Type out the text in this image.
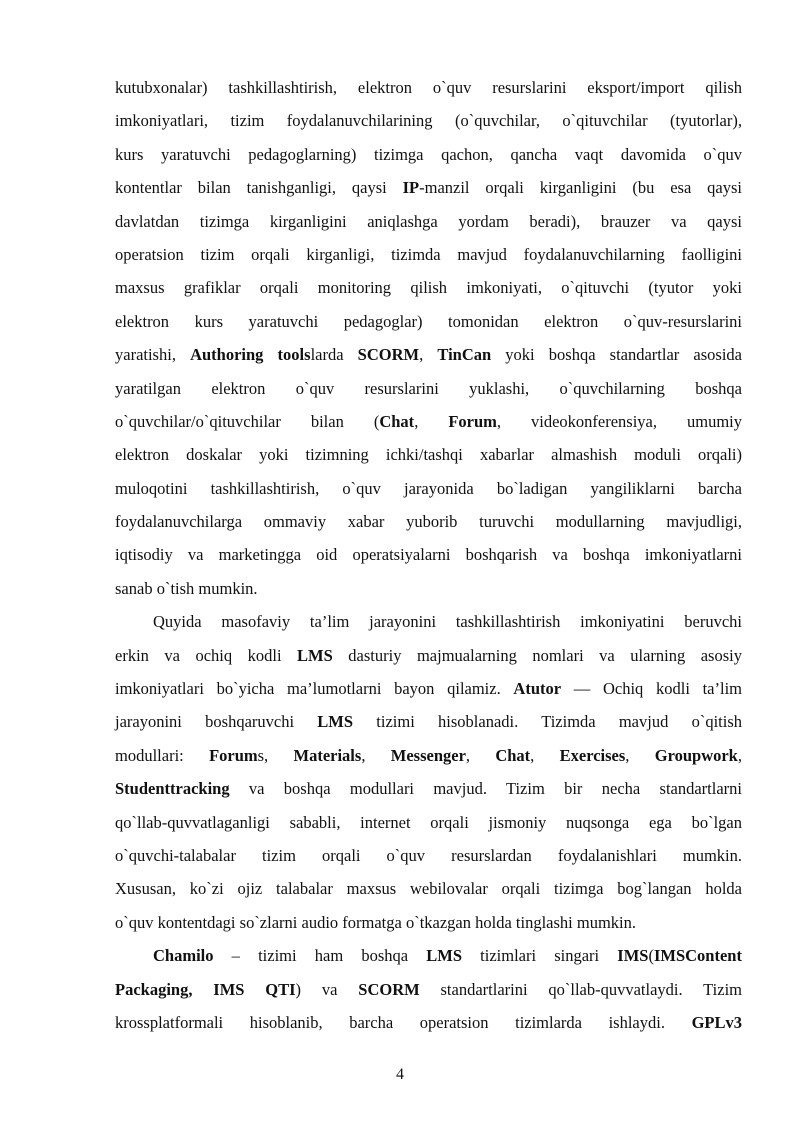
kutubxonalar) tashkillashtirish, elektron o`quv resurslarini eksport/import qilish
imkoniyatlari, tizim foydalanuvchilarining (o`quvchilar, o`qituvchilar (tyutorlar),
kurs yaratuvchi pedagoglarning) tizimga qachon, qancha vaqt davomida o`quv
kontentlar bilan tanishganligi, qaysi IP-manzil orqali kirganligini (bu esa qaysi
davlatdan tizimga kirganligini aniqlashga yordam beradi), brauzer va qaysi
operatsion tizim orqali kirganligi, tizimda mavjud foydalanuvchilarning faolligini
maxsus grafiklar orqali monitoring qilish imkoniyati, o`qituvchi (tyutor yoki
elektron kurs yaratuvchi pedagoglar) tomonidan elektron o`quv-resurslarini
yaratishi, Authoring toolslarda SCORM, TinCan yoki boshqa standartlar asosida
yaratilgan elektron o`quv resurslarini yuklashi, o`quvchilarning boshqa
o`quvchilar/o`qituvchilar bilan (Chat, Forum, videokonferensiya, umumiy
elektron doskalar yoki tizimning ichki/tashqi xabarlar almashish moduli orqali)
muloqotini tashkillashtirish, o`quv jarayonida bo`ladigan yangiliklarni barcha
foydalanuvchilarga ommaviy xabar yuborib turuvchi modullarning mavjudligi,
iqtisodiy va marketingga oid operatsiyalarni boshqarish va boshqa imkoniyatlarni
sanab o`tish mumkin.
Quyida masofaviy ta’lim jarayonini tashkillashtirish imkoniyatini beruvchi
erkin va ochiq kodli LMS dasturiy majmualarning nomlari va ularning asosiy
imkoniyatlari bo`yicha ma’lumotlarni bayon qilamiz. Atutor — Ochiq kodli ta’lim
jarayonini boshqaruvchi LMS tizimi hisoblanadi. Tizimda mavjud o`qitish
modullari: Forums, Materials, Messenger, Chat, Exercises, Groupwork,
Studenttracking va boshqa modullari mavjud. Tizim bir necha standartlarni
qo`llab-quvvatlaganligi sababli, internet orqali jismoniy nuqsonga ega bo`lgan
o`quvchi-talabalar tizim orqali o`quv resurslardan foydalanishlari mumkin.
Xususan, ko`zi ojiz talabalar maxsus webilovalar orqali tizimga bog`langan holda
o`quv kontentdagi so`zlarni audio formatga o`tkazgan holda tinglashi mumkin.
Chamilo – tizimi ham boshqa LMS tizimlari singari IMS(IMSContent
Packaging, IMS QTI) va SCORM standartlarini qo`llab-quvvatlaydi. Tizim
krossplatformali hisoblanib, barcha operatsion tizimlarda ishlaydi. GPLv3
4
